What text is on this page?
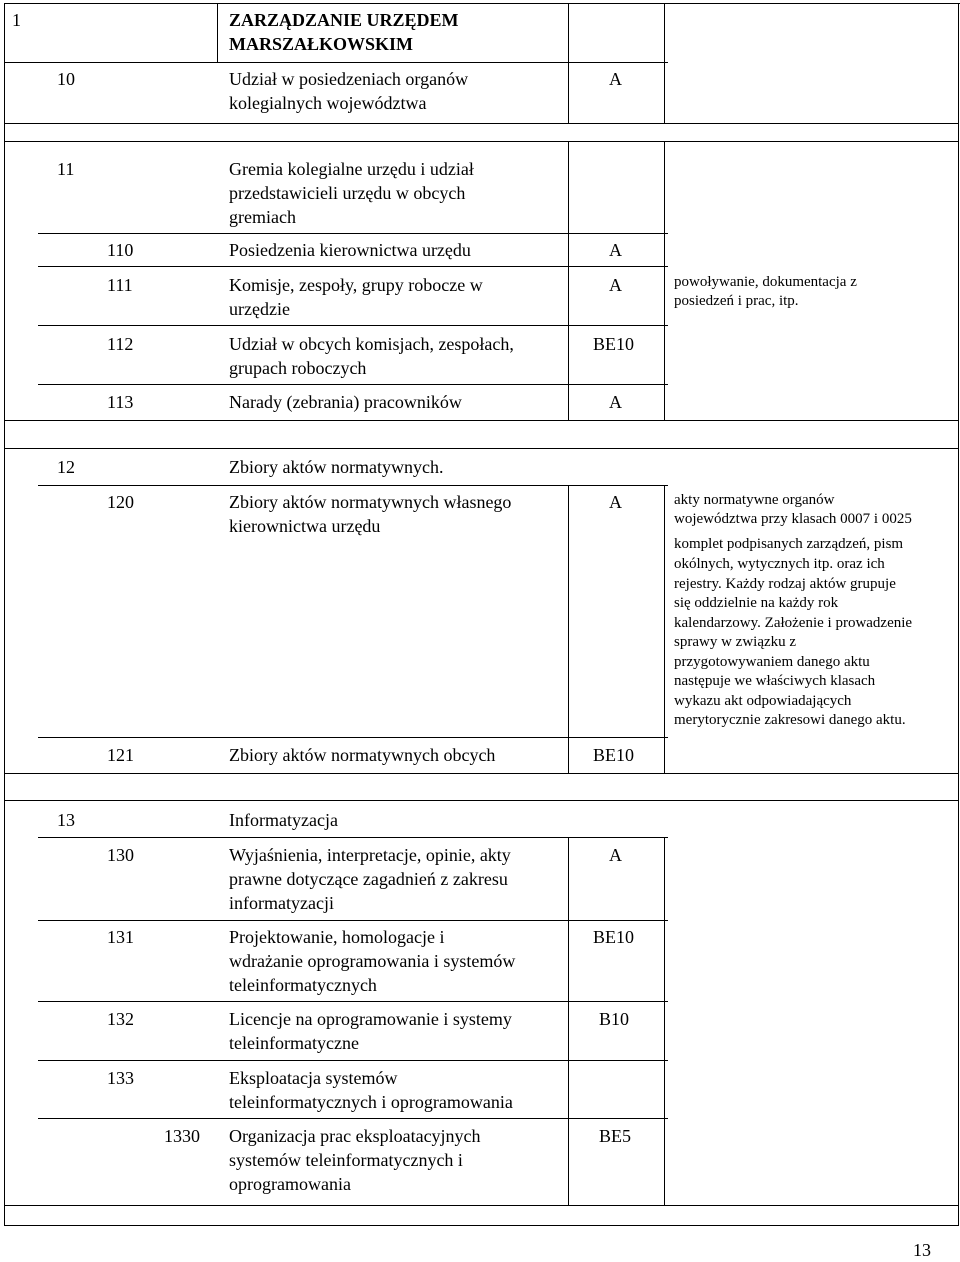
1	ZARZĄDZANIE URZĘDEM
MARSZAŁKOWSKIM
10	Udział w posiedzeniach organów
kolegialnych województwa
A
11	Gremia kolegialne urzędu i udział
przedstawicieli urzędu w obcych
gremiach
110	Posiedzenia kierownictwa urzędu	A
111	Komisje, zespoły, grupy robocze w
urzędzie
A	powoływanie, dokumentacja z
posiedzeń i prac, itp.
112	Udział w obcych komisjach, zespołach,
grupach roboczych
BE10
113	Narady (zebrania) pracowników	A
12	Zbiory aktów normatywnych.
120	Zbiory aktów normatywnych własnego
kierownictwa urzędu
A	akty normatywne organów
województwa przy klasach 0007 i 0025
komplet podpisanych zarządzeń, pism
okólnych, wytycznych itp. oraz ich
rejestry. Każdy rodzaj aktów grupuje
się oddzielnie na każdy rok
kalendarzowy. Założenie i prowadzenie
sprawy w związku z
przygotowywaniem danego aktu
następuje we właściwych klasach
wykazu akt odpowiadających
merytorycznie zakresowi danego aktu.
121	Zbiory aktów normatywnych obcych	BE10
13	Informatyzacja
130	Wyjaśnienia, interpretacje, opinie, akty
prawne dotyczące zagadnień z zakresu
informatyzacji
A
131	Projektowanie, homologacje i
wdrażanie oprogramowania i systemów
teleinformatycznych
BE10
132	Licencje na oprogramowanie i systemy
teleinformatyczne
B10
133	Eksploatacja systemów
teleinformatycznych i oprogramowania
1330 Organizacja prac eksploatacyjnych
systemów teleinformatycznych i
oprogramowania
BE5
13
